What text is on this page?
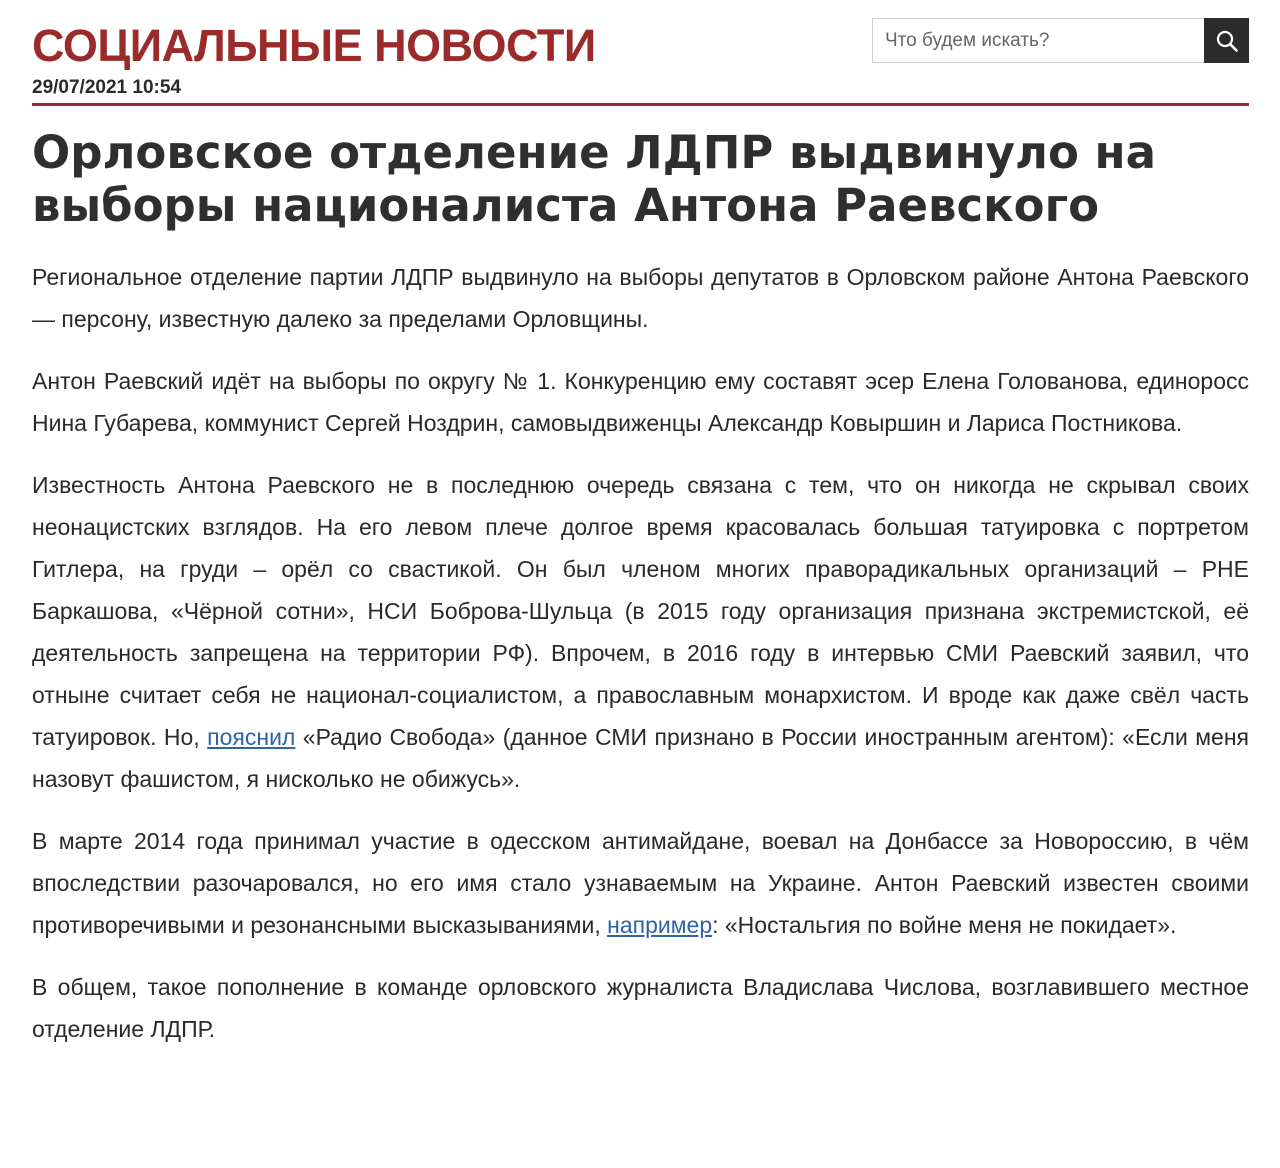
СОЦИАЛЬНЫЕ НОВОСТИ
29/07/2021 10:54
Что будем искать?
Орловское отделение ЛДПР выдвинуло на выборы националиста Антона Раевского

Региональное отделение партии ЛДПР выдвинуло на выборы депутатов в Орловском районе Антона Раевского — персону, известную далеко за пределами Орловщины.

Антон Раевский идёт на выборы по округу № 1. Конкуренцию ему составят эсер Елена Голованова, единоросс Нина Губарева, коммунист Сергей Ноздрин, самовыдвиженцы Александр Ковыршин и Лариса Постникова.

Известность Антона Раевского не в последнюю очередь связана с тем, что он никогда не скрывал своих неонацистских взглядов. На его левом плече долгое время красовалась большая татуировка с портретом Гитлера, на груди – орёл со свастикой. Он был членом многих праворадикальных организаций – РНЕ Баркашова, «Чёрной сотни», НСИ Боброва-Шульца (в 2015 году организация признана экстремистской, её деятельность запрещена на территории РФ). Впрочем, в 2016 году в интервью СМИ Раевский заявил, что отныне считает себя не национал-социалистом, а православным монархистом. И вроде как даже свёл часть татуировок. Но, пояснил «Радио Свобода» (данное СМИ признано в России иностранным агентом): «Если меня назовут фашистом, я нисколько не обижусь».

В марте 2014 года принимал участие в одесском антимайдане, воевал на Донбассе за Новороссию, в чём впоследствии разочаровался, но его имя стало узнаваемым на Украине. Антон Раевский известен своими противоречивыми и резонансными высказываниями, например: «Ностальгия по войне меня не покидает».

В общем, такое пополнение в команде орловского журналиста Владислава Числова, возглавившего местное отделение ЛДПР.
